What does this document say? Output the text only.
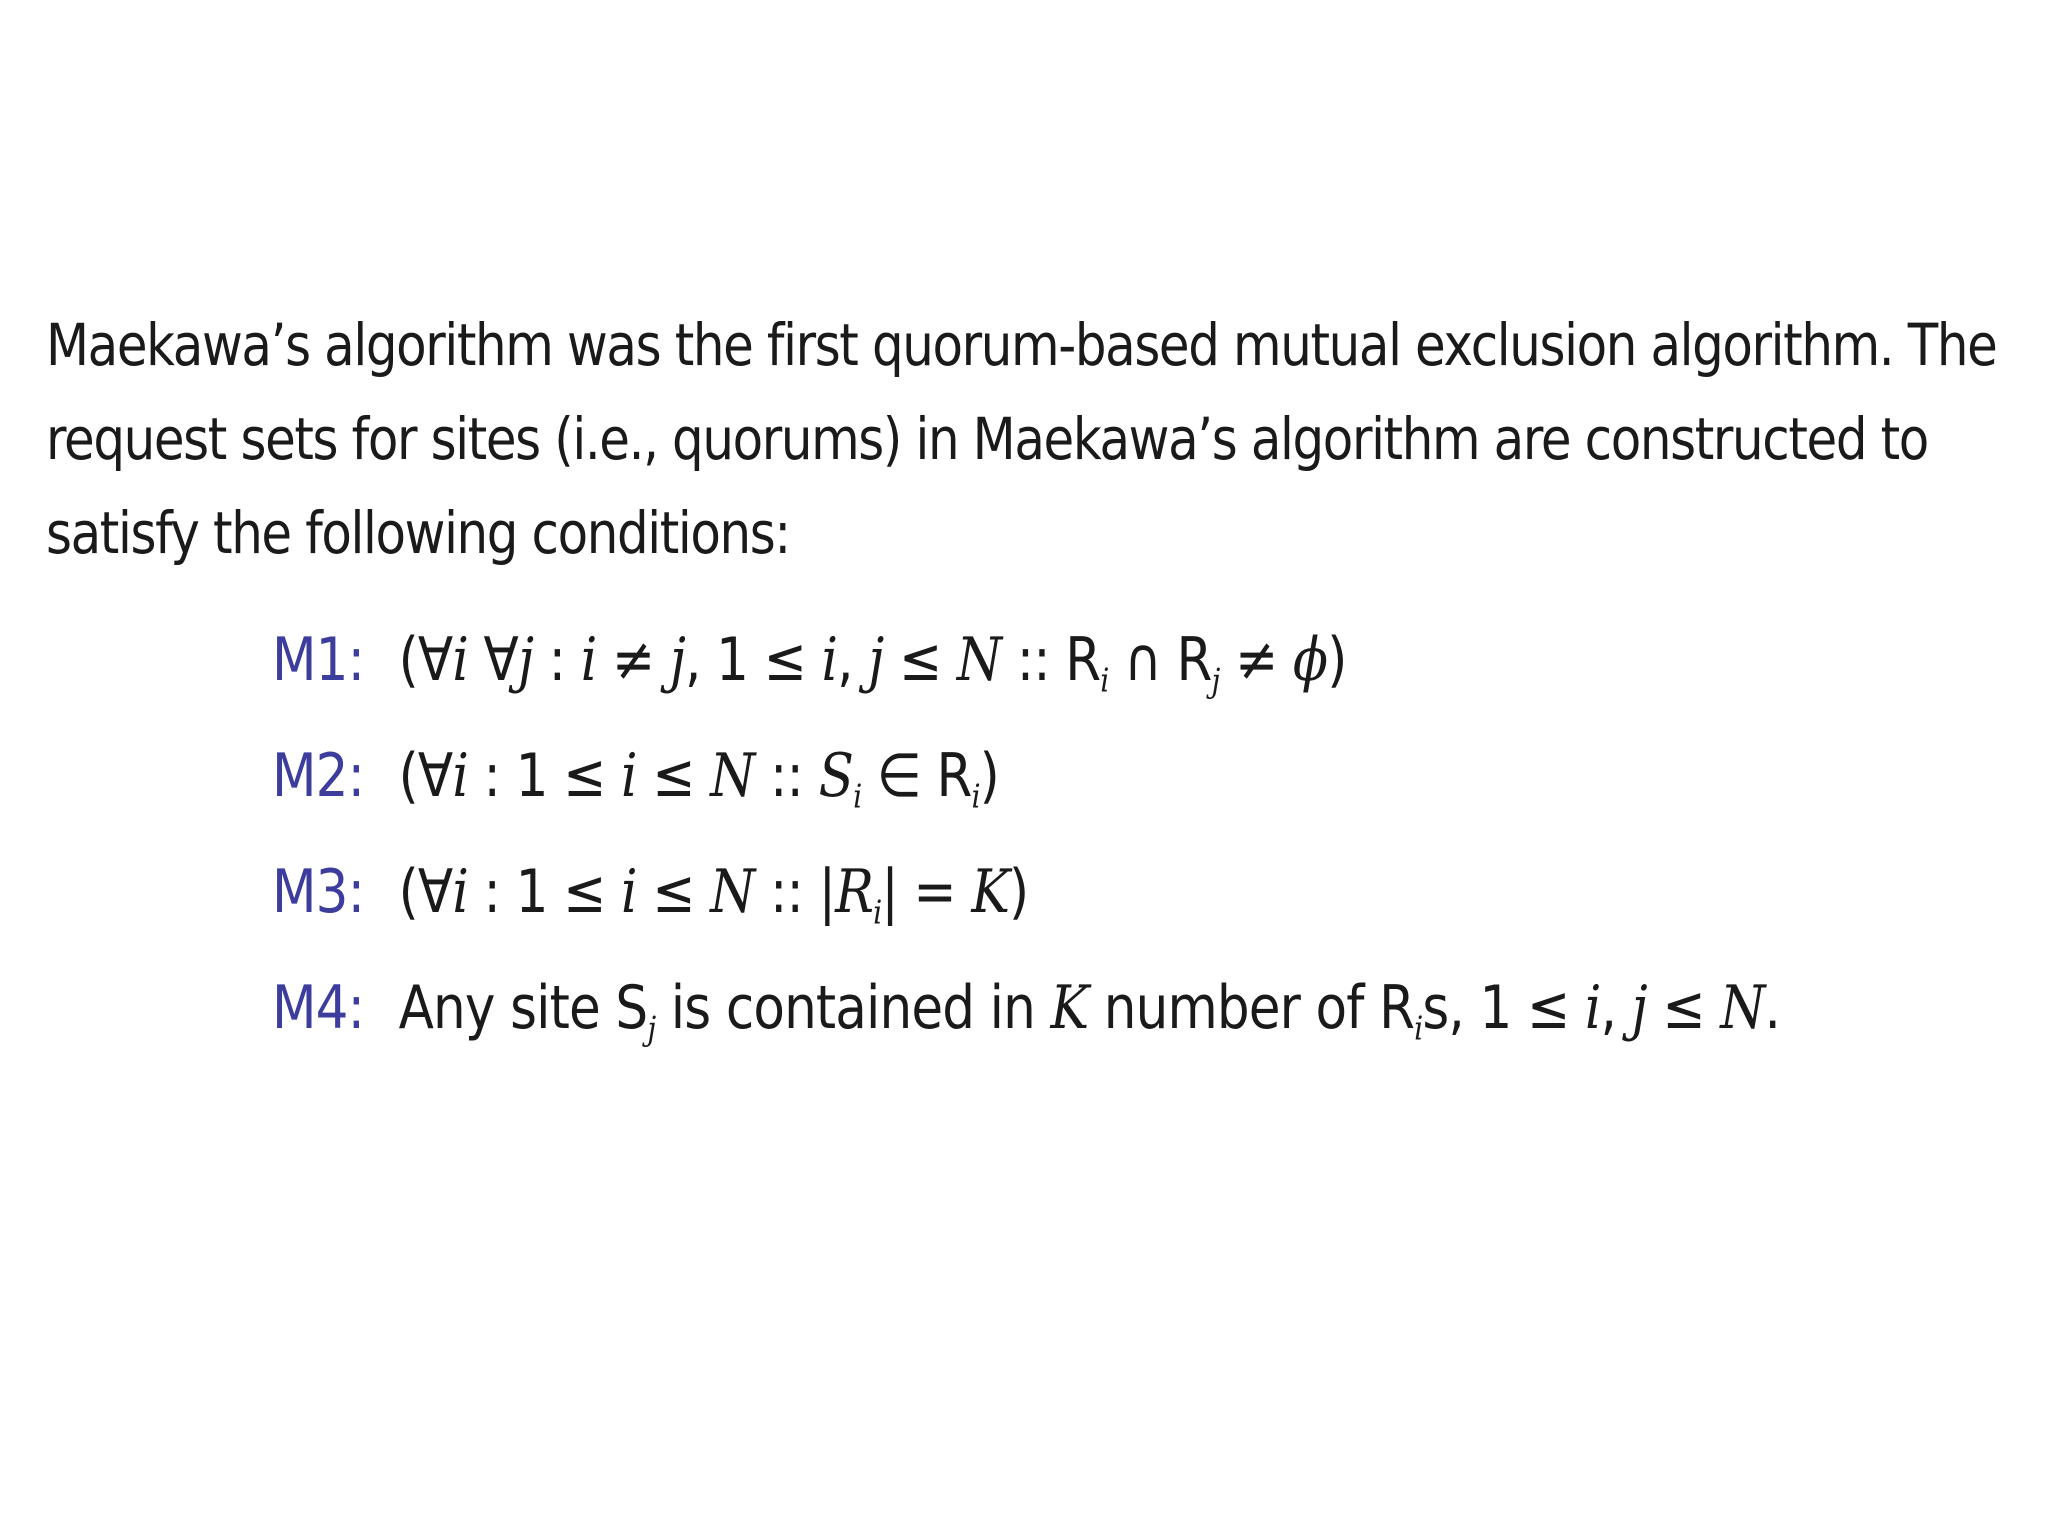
Maekawa’s algorithm was the first quorum-based mutual exclusion algorithm. The
request sets for sites (i.e., quorums) in Maekawa’s algorithm are constructed to
satisfy the following conditions:
M1: (∀i ∀j : i ≠ j, 1 ≤ i, j ≤ N :: $R_i$ ∩ $R_j \ne \phi$)
M2: (∀i : 1 ≤ i ≤ N :: $S_i$ ∈ $R_i$)
M3: (∀i : 1 ≤ i ≤ N :: $|R_i| = K$)
M4: Any site $S_j$ is contained in K number of $R_is$, 1 ≤ i, j ≤ N.
